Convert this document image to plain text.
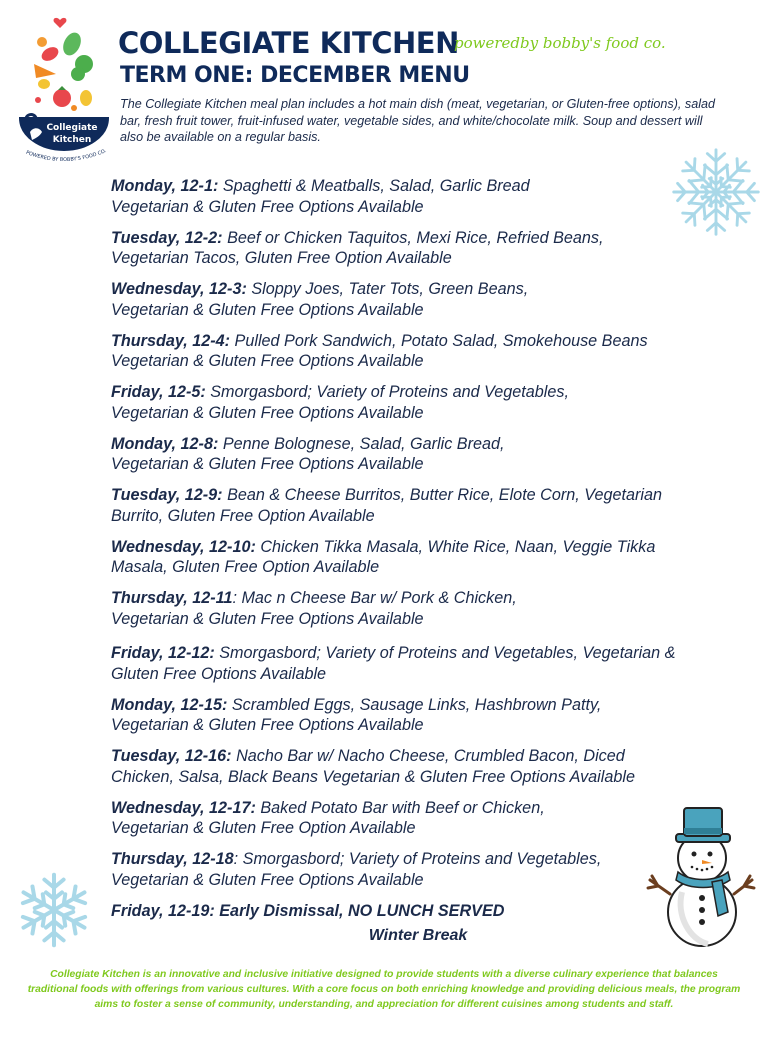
Collegiate
Kitchen
POWERED BY BOBBY'S FOOD CO.
COLLEGIATE KITCHEN
poweredby bobby's food co.
TERM ONE: DECEMBER MENU
The Collegiate Kitchen meal plan includes a hot main dish (meat, vegetarian, or Gluten-free options), salad bar, fresh fruit tower, fruit-infused water, vegetable sides, and white/chocolate milk. Soup and dessert will also be available on a regular basis.
Monday, 12-1: Spaghetti & Meatballs, Salad, Garlic Bread
Vegetarian & Gluten Free Options Available
Tuesday, 12-2: Beef or Chicken Taquitos, Mexi Rice, Refried Beans,
Vegetarian Tacos, Gluten Free Option Available
Wednesday, 12-3: Sloppy Joes, Tater Tots, Green Beans,
Vegetarian & Gluten Free Options Available
Thursday, 12-4: Pulled Pork Sandwich, Potato Salad, Smokehouse Beans
Vegetarian & Gluten Free Options Available
Friday, 12-5: Smorgasbord; Variety of Proteins and Vegetables,
Vegetarian & Gluten Free Options Available
Monday, 12-8: Penne Bolognese, Salad, Garlic Bread,
Vegetarian & Gluten Free Options Available
Tuesday, 12-9: Bean & Cheese Burritos, Butter Rice, Elote Corn, Vegetarian
Burrito, Gluten Free Option Available
Wednesday, 12-10: Chicken Tikka Masala, White Rice, Naan, Veggie Tikka
Masala, Gluten Free Option Available
Thursday, 12-11: Mac n Cheese Bar w/ Pork & Chicken,
Vegetarian & Gluten Free Options Available
Friday, 12-12: Smorgasbord; Variety of Proteins and Vegetables, Vegetarian &
Gluten Free Options Available
Monday, 12-15: Scrambled Eggs, Sausage Links, Hashbrown Patty,
Vegetarian & Gluten Free Options Available
Tuesday, 12-16: Nacho Bar w/ Nacho Cheese, Crumbled Bacon, Diced
Chicken, Salsa, Black Beans Vegetarian & Gluten Free Options Available
Wednesday, 12-17: Baked Potato Bar with Beef or Chicken,
Vegetarian & Gluten Free Option Available
Thursday, 12-18: Smorgasbord; Variety of Proteins and Vegetables,
Vegetarian & Gluten Free Options Available
Friday, 12-19: Early Dismissal, NO LUNCH SERVED
Winter Break
Collegiate Kitchen is an innovative and inclusive initiative designed to provide students with a diverse culinary experience that balances traditional foods with offerings from various cultures. With a core focus on both enriching knowledge and providing delicious meals, the program aims to foster a sense of community, understanding, and appreciation for different cuisines among students and staff.
